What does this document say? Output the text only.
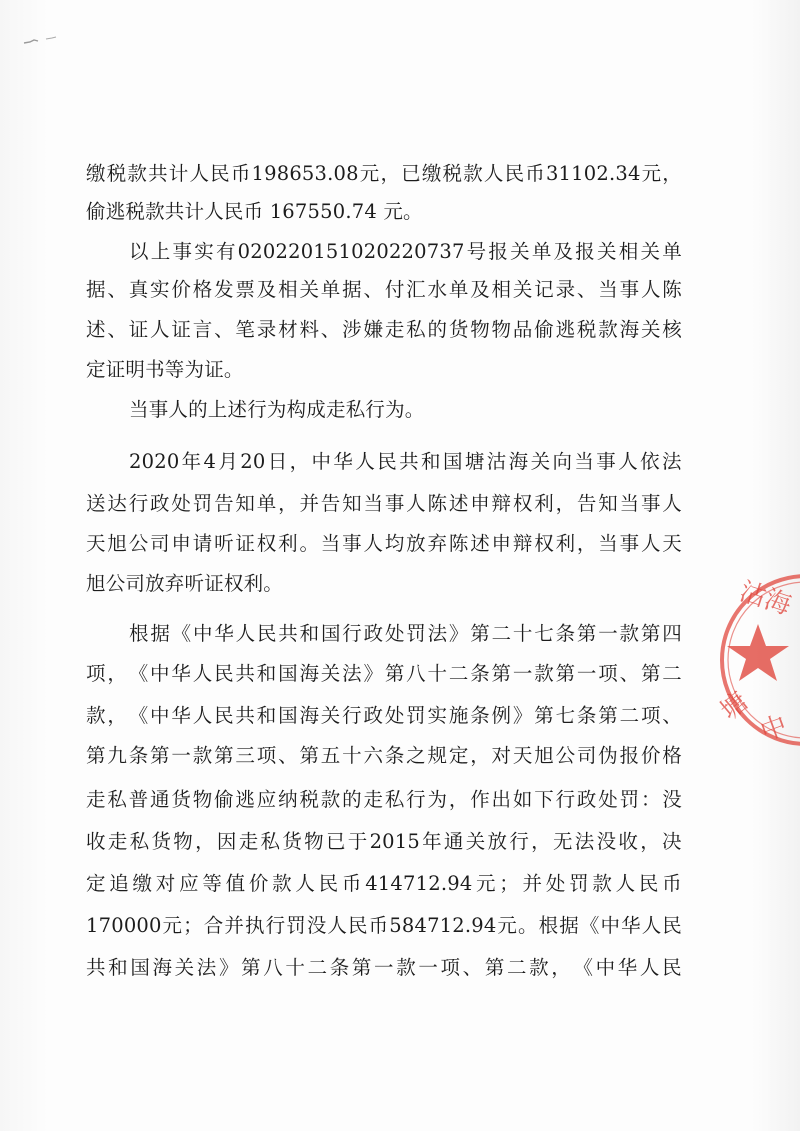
缴 税 款 共 计 人 民 币 198653.08 元 ， 已 缴 税 款 人 民 币 31102.34 元 ，
偷逃税款共计人民币 167550.74 元。
以 上 事 实 有 020220151020220737 号 报 关 单 及 报 关 相 关 单
据 、 真 实 价 格 发 票 及 相 关 单 据 、 付 汇 水 单 及 相 关 记 录 、 当 事 人 陈
述 、 证 人 证 言 、 笔 录 材 料 、 涉 嫌 走 私 的 货 物 物 品 偷 逃 税 款 海 关 核
定证明书等为证。
当事人的上述行为构成走私行为。
2020 年 4 月 20 日 ， 中 华 人 民 共 和 国 塘 沽 海 关 向 当 事 人 依 法
送 达 行 政 处 罚 告 知 单 ， 并 告 知 当 事 人 陈 述 申 辩 权 利 ， 告 知 当 事 人
天 旭 公 司 申 请 听 证 权 利 。 当 事 人 均 放 弃 陈 述 申 辩 权 利 ， 当 事 人 天
旭公司放弃听证权利。
根 据 《 中 华 人 民 共 和 国 行 政 处 罚 法 》 第 二 十 七 条 第 一 款 第 四
项 ， 《 中 华 人 民 共 和 国 海 关 法 》 第 八 十 二 条 第 一 款 第 一 项 、 第 二
款 ， 《 中 华 人 民 共 和 国 海 关 行 政 处 罚 实 施 条 例 》 第 七 条 第 二 项 、
第 九 条 第 一 款 第 三 项 、 第 五 十 六 条 之 规 定 ， 对 天 旭 公 司 伪 报 价 格
走 私 普 通 货 物 偷 逃 应 纳 税 款 的 走 私 行 为 ， 作 出 如 下 行 政 处 罚 ： 没
收 走 私 货 物 ， 因 走 私 货 物 已 于 2015 年 通 关 放 行 ， 无 法 没 收 ， 决
定 追 缴 对 应 等 值 价 款 人 民 币 414712.94 元 ； 并 处 罚 款 人 民 币
170000 元 ； 合 并 执 行 罚 没 人 民 币 584712.94 元 。 根 据 《 中 华 人 民
共 和 国 海 关 法 》 第 八 十 二 条 第 一 款 一 项 、 第 二 款 ， 《 中 华 人 民
沽海
塘
中
